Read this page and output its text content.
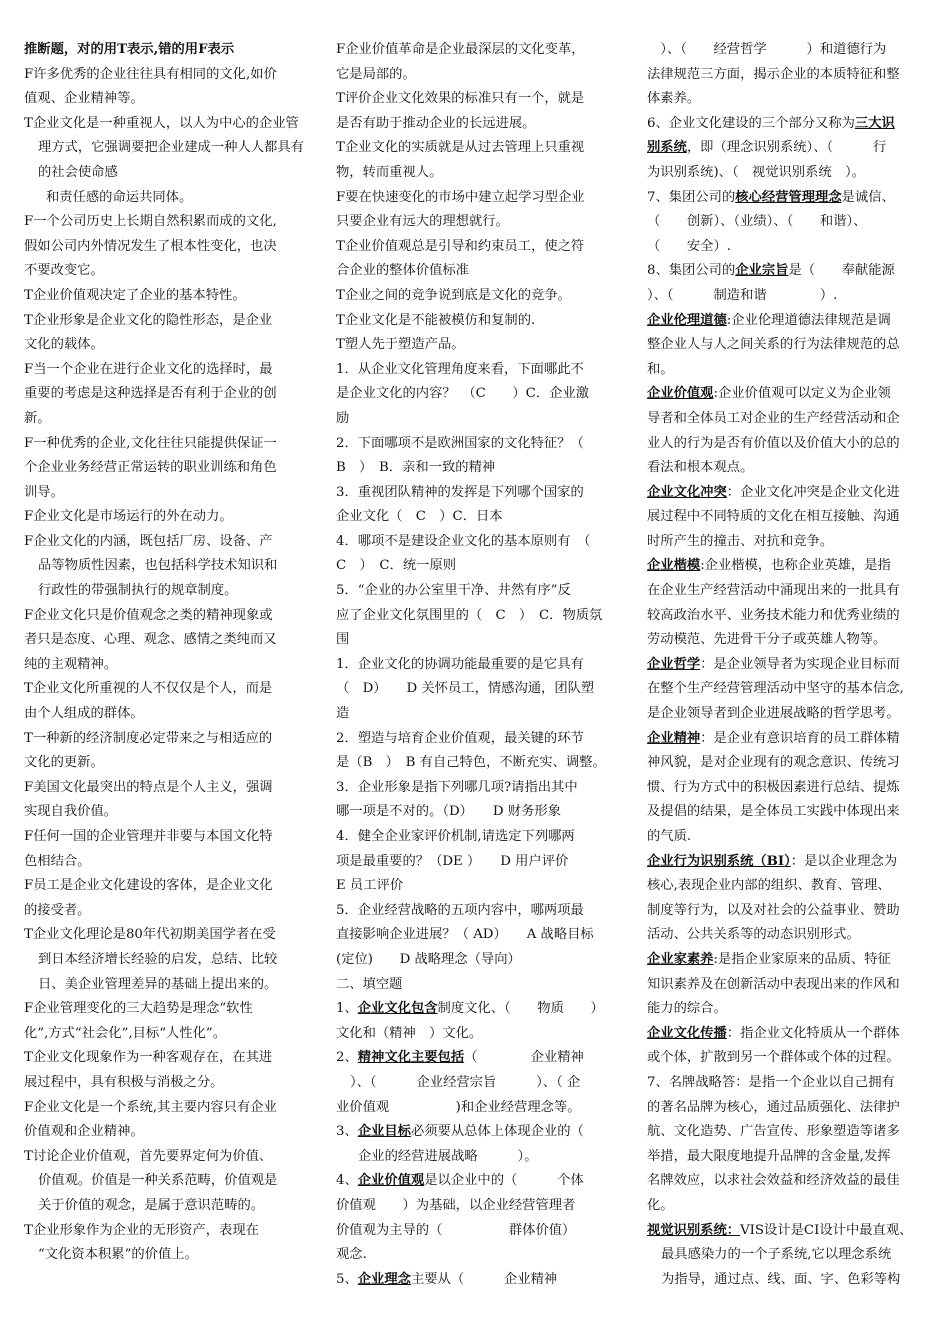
推断题，对的用T表示,错的用F表示

F许多优秀的企业往往具有相同的文化,如价

值观、企业精神等。

T企业文化是一种重视人，以人为中心的企业管

理方式，它强调要把企业建成一种人人都具有

的社会使命感

和责任感的命运共同体。

F一个公司历史上长期自然积累而成的文化,

假如公司内外情况发生了根本性变化，也决

不要改变它。

T企业价值观决定了企业的基本特性。

T企业形象是企业文化的隐性形态，是企业

文化的载体。

F当一个企业在进行企业文化的选择时，最

重要的考虑是这种选择是否有利于企业的创

新。

F一种优秀的企业,文化往往只能提供保证一

个企业业务经营正常运转的职业训练和角色

训导。

F企业文化是市场运行的外在动力。

F企业文化的内涵，既包括厂房、设备、产

品等物质性因素，也包括科学技术知识和

行政性的带强制执行的规章制度。

F企业文化只是价值观念之类的精神现象或

者只是态度、心理、观念、感情之类纯而又

纯的主观精神。

T企业文化所重视的人不仅仅是个人，而是

由个人组成的群体。

T一种新的经济制度必定带来之与相适应的

文化的更新。

F美国文化最突出的特点是个人主义，强调

实现自我价值。

F任何一国的企业管理并非要与本国文化特

色相结合。

F员工是企业文化建设的客体，是企业文化

的接受者。

T企业文化理论是80年代初期美国学者在受

到日本经济增长经验的启发，总结、比较

日、美企业管理差异的基础上提出来的。

F企业管理变化的三大趋势是理念“软性

化”,方式“社会化”,目标“人性化”。

T企业文化现象作为一种客观存在，在其进

展过程中，具有积极与消极之分。

F企业文化是一个系统,其主要内容只有企业

价值观和企业精神。

T讨论企业价值观，首先要界定何为价值、

价值观。价值是一种关系范畴，价值观是

关于价值的观念，是属于意识范畴的。

T企业形象作为企业的无形资产，表现在

“文化资本积累”的价值上。

F企业价值革命是企业最深层的文化变革，

它是局部的。

T评价企业文化效果的标准只有一个，就是

是否有助于推动企业的长远进展。

T企业文化的实质就是从过去管理上只重视

物，转而重视人。

F要在快速变化的市场中建立起学习型企业

只要企业有远大的理想就行。

T企业价值观总是引导和约束员工，使之符

合企业的整体价值标准

T企业之间的竞争说到底是文化的竞争。

T企业文化是不能被模仿和复制的.

T塑人先于塑造产品。

1．从企业文化管理角度来看，下面哪此不

是企业文化的内容？　（C　　）C．企业激

励

2．下面哪项不是欧洲国家的文化特征？（

B　）　B．亲和一致的精神

3．重视团队精神的发挥是下列哪个国家的

企业文化（　C　）C．日本

4．哪项不是建设企业文化的基本原则有　（

C　）　C．统一原则

5．“企业的办公室里干净、井然有序”反

应了企业文化氛围里的（　C　）　C．物质氛

围

1．企业文化的协调功能最重要的是它具有

（　D）　　D 关怀员工，情感沟通，团队塑

造

2．塑造与培育企业价值观，最关键的环节

是（B　）　B 有自己特色，不断充实、调整。

3．企业形象是指下列哪几项?请指出其中

哪一项是不对的。（D）　　D 财务形象

4．健全企业家评价机制,请选定下列哪两

项是最重要的？（DE ）　　D 用户评价

E 员工评价

5．企业经营战略的五项内容中，哪两项最

直接影响企业进展？（ AD）　　A 战略目标

(定位)　　D 战略理念（导向）

二、填空题

1、企业文化包含制度文化、（　　物质　　）

文化和（精神　）文化。

2、精神文化主要包括（　　　　企业精神

）、（　　　企业经营宗旨　　　）、（ 企

业价值观　　　　　)和企业经营理念等。

3、企业目标必须要从总体上体现企业的（

企业的经营进展战略　　　）。

4、企业价值观是以企业中的（　　　个体

价值观　　）为基础，以企业经营管理者

价值观为主导的（　　　　　群体价值）

观念.

5、企业理念主要从（　　　企业精神

　）、（　　经营哲学　　　）和道德行为

法律规范三方面，揭示企业的本质特征和整

体素养。

6、企业文化建设的三个部分又称为三大识

别系统，即（理念识别系统）、（　　　行

为识别系统)、（　视觉识别系统　）。

7、集团公司的核心经营管理理念是诚信、

（　　创新）、（业绩）、（　　和谐）、

（　　安全）.

8、集团公司的企业宗旨是（　　奉献能源

）、（　　　制造和谐　　　　）.

企业伦理道德:企业伦理道德法律规范是调

整企业人与人之间关系的行为法律规范的总

和。

企业价值观:企业价值观可以定义为企业领

导者和全体员工对企业的生产经营活动和企

业人的行为是否有价值以及价值大小的总的

看法和根本观点。

企业文化冲突：企业文化冲突是企业文化进

展过程中不同特质的文化在相互接触、沟通

时所产生的撞击、对抗和竞争。

企业楷模:企业楷模，也称企业英雄，是指

在企业生产经营活动中涌现出来的一批具有

较高政治水平、业务技术能力和优秀业绩的

劳动模范、先进骨干分子或英雄人物等。

企业哲学：是企业领导者为实现企业目标而

在整个生产经营管理活动中坚守的基本信念,

是企业领导者到企业进展战略的哲学思考。

企业精神：是企业有意识培育的员工群体精

神风貌，是对企业现有的观念意识、传统习

惯、行为方式中的积极因素进行总结、提炼

及提倡的结果，是全体员工实践中体现出来

的气质.

企业行为识别系统（BI）：是以企业理念为

核心,表现企业内部的组织、教育、管理、

制度等行为，以及对社会的公益事业、赞助

活动、公共关系等的动态识别形式。

企业家素养:是指企业家原来的品质、特征

知识素养及在创新活动中表现出来的作风和

能力的综合。

企业文化传播：指企业文化特质从一个群体

或个体，扩散到另一个群体或个体的过程。

7、名牌战略答：是指一个企业以自己拥有

的著名品牌为核心，通过品质强化、法律护

航、文化造势、广告宣传、形象塑造等诸多

举措，最大限度地提升品牌的含金量,发挥

名牌效应，以求社会效益和经济效益的最佳

化。

视觉识别系统：VIS设计是CI设计中最直观、

最具感染力的一个子系统,它以理念系统

为指导，通过点、线、面、字、色彩等构
